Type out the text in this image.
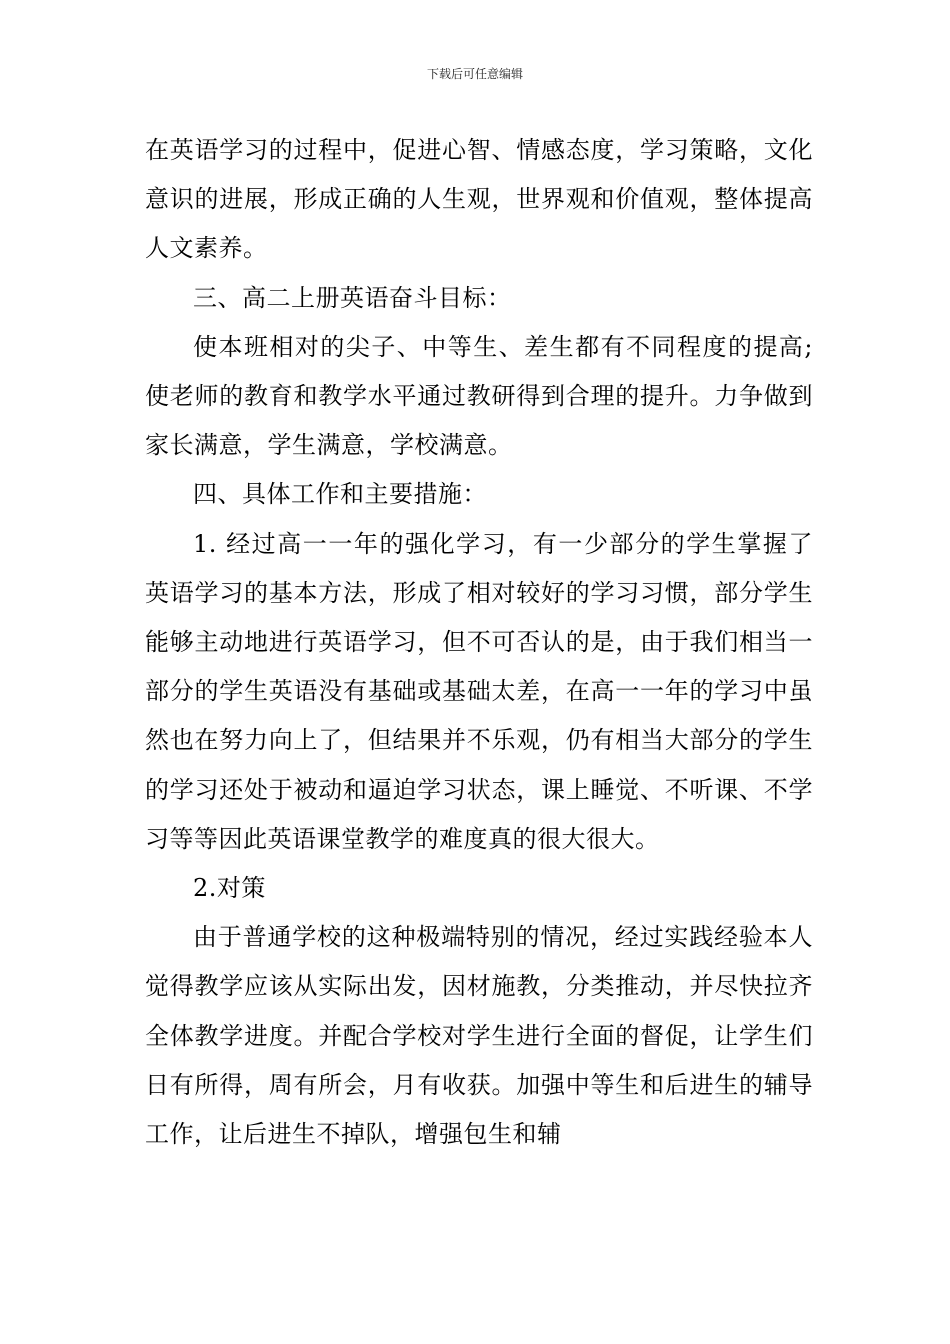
下载后可任意编辑

在英语学习的过程中，促进心智、情感态度，学习策略，文化意识的进展，形成正确的人生观，世界观和价值观，整体提高人文素养。

三、高二上册英语奋斗目标：

使本班相对的尖子、中等生、差生都有不同程度的提高;使老师的教育和教学水平通过教研得到合理的提升。力争做到家长满意，学生满意，学校满意。

四、具体工作和主要措施：

1. 经过高一一年的强化学习，有一少部分的学生掌握了英语学习的基本方法，形成了相对较好的学习习惯，部分学生能够主动地进行英语学习，但不可否认的是，由于我们相当一部分的学生英语没有基础或基础太差，在高一一年的学习中虽然也在努力向上了，但结果并不乐观，仍有相当大部分的学生的学习还处于被动和逼迫学习状态，课上睡觉、不听课、不学习等等因此英语课堂教学的难度真的很大很大。

2.对策

由于普通学校的这种极端特别的情况，经过实践经验本人觉得教学应该从实际出发，因材施教，分类推动，并尽快拉齐全体教学进度。并配合学校对学生进行全面的督促，让学生们日有所得，周有所会，月有收获。加强中等生和后进生的辅导工作，让后进生不掉队，增强包生和辅
